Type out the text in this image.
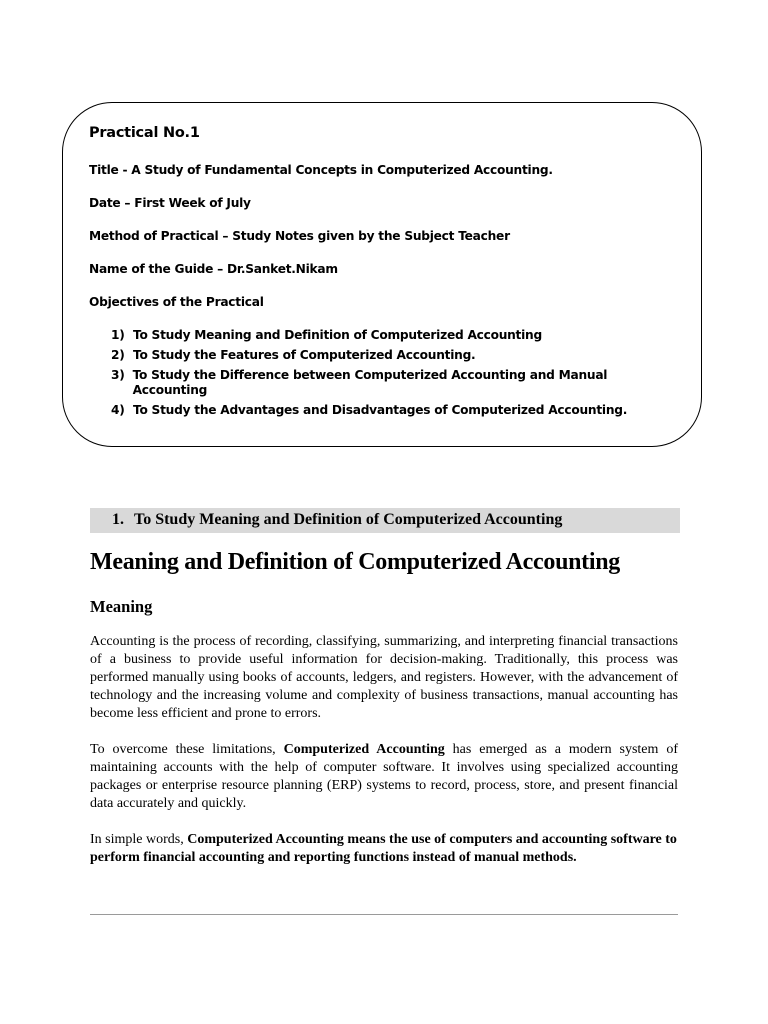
Practical No.1

Title - A Study of Fundamental Concepts in Computerized Accounting.

Date – First Week of July

Method of Practical – Study Notes given by the Subject Teacher

Name of the Guide – Dr.Sanket.Nikam

Objectives of the Practical

1) To Study Meaning and Definition of Computerized Accounting
2) To Study the Features of Computerized Accounting.
3) To Study the Difference between Computerized Accounting and Manual Accounting
4) To Study the Advantages and Disadvantages of Computerized Accounting.
1. To Study Meaning and Definition of Computerized Accounting
Meaning and Definition of Computerized Accounting
Meaning

Accounting is the process of recording, classifying, summarizing, and interpreting financial transactions of a business to provide useful information for decision-making. Traditionally, this process was performed manually using books of accounts, ledgers, and registers. However, with the advancement of technology and the increasing volume and complexity of business transactions, manual accounting has become less efficient and prone to errors.

To overcome these limitations, Computerized Accounting has emerged as a modern system of maintaining accounts with the help of computer software. It involves using specialized accounting packages or enterprise resource planning (ERP) systems to record, process, store, and present financial data accurately and quickly.

In simple words, Computerized Accounting means the use of computers and accounting software to perform financial accounting and reporting functions instead of manual methods.
